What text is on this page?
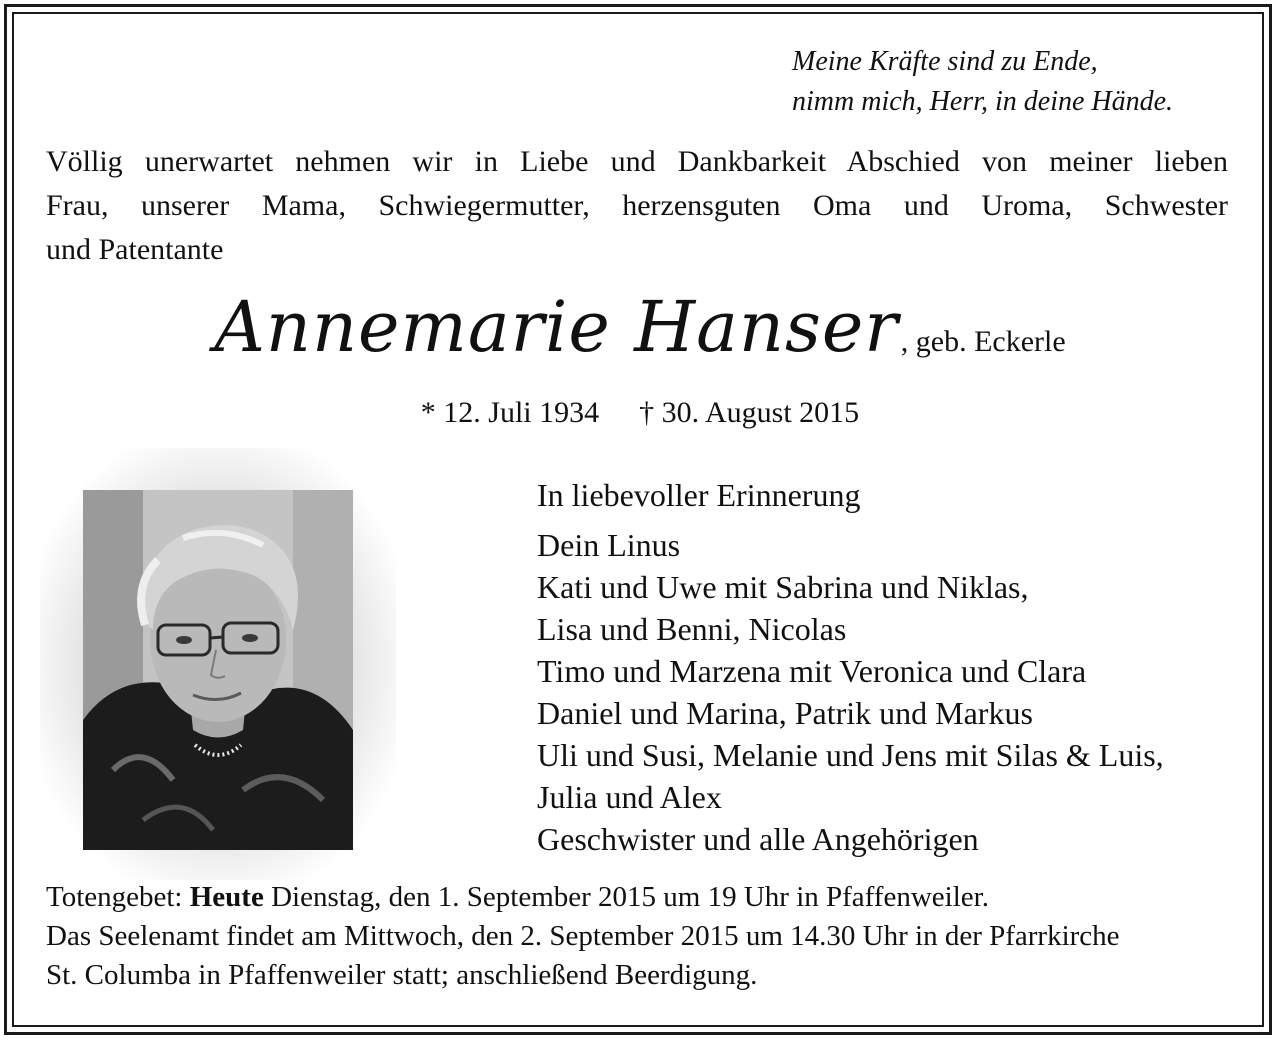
Meine Kräfte sind zu Ende,
nimm mich, Herr, in deine Hände.
Völlig unerwartet nehmen wir in Liebe und Dankbarkeit Abschied von meiner lieben
Frau, unserer Mama, Schwiegermutter, herzensguten Oma und Uroma, Schwester
und Patentante
Annemarie Hanser, geb. Eckerle
* 12. Juli 1934 † 30. August 2015
In liebevoller Erinnerung
Dein Linus
Kati und Uwe mit Sabrina und Niklas,
Lisa und Benni, Nicolas
Timo und Marzena mit Veronica und Clara
Daniel und Marina, Patrik und Markus
Uli und Susi, Melanie und Jens mit Silas & Luis,
Julia und Alex
Geschwister und alle Angehörigen
Totengebet: Heute Dienstag, den 1. September 2015 um 19 Uhr in Pfaffenweiler.
Das Seelenamt findet am Mittwoch, den 2. September 2015 um 14.30 Uhr in der Pfarrkirche
St. Columba in Pfaffenweiler statt; anschließend Beerdigung.
